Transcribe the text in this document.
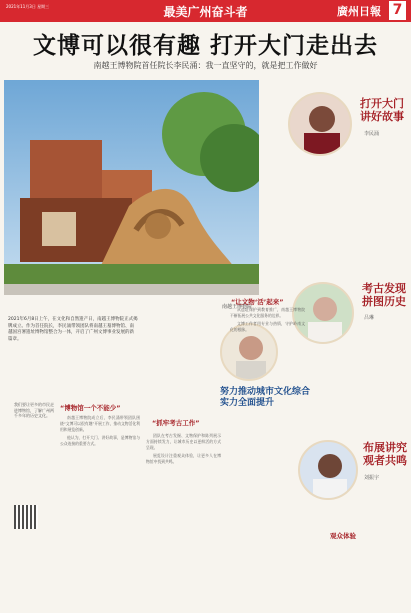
2021年11月3日 星期三	最美广州奋斗者	廣州日報 7
文博可以很有趣 打开大门走出去
南越王博物院首任院长李民涌：我一直坚守的，就是把工作做好
南越王博物院
打开大门讲好故事
李民涌
考古发现拼图历史
吕琳
布展讲究观者共鸣
刘振宇
努力推动城市文化综合实力全面提升
2021年6月8日上午，在文化和自然遗产日，南越王博物院正式揭牌成立。作为首任院长，李民涌带领团队将南越王墓博物馆、南越国宫署遗址博物馆整合为一体，开启了广州文博事业发展的新篇章。
我们要让更多的市民走进博物馆，了解广州两千多年的历史文化。
“博物馆一个不能少”
“抓牢考古工作”
“让文物‘活’起来”
观众体验

南越王博物院成立后，李民涌带领团队围绕“文博可以很有趣”开展工作，推动文物活化利用和展览创新。

他认为，打开大门、讲好故事，是博物馆与公众连接的重要方式。

团队在考古发掘、文物保护和陈列展示方面持续发力，让城市历史以更鲜活的方式呈现。

展览设计注重观众体验，让更多人在博物馆中找到共鸣。

从遗址保护到教育推广，南越王博物院不断拓展公共文化服务的边界。

文博工作者用专业与热情，守护岭南文化的根脉。
